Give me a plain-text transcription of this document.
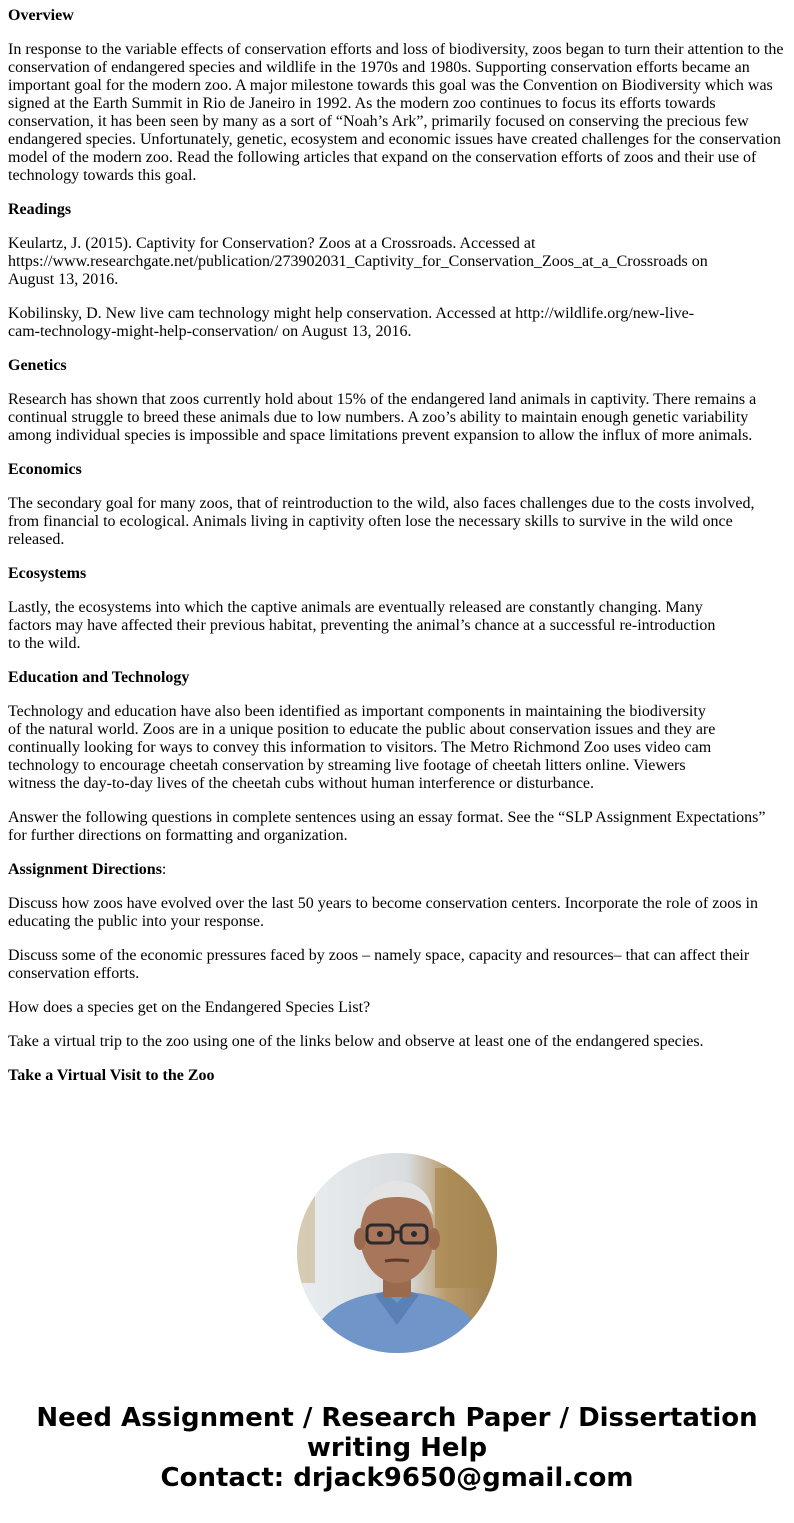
Overview

In response to the variable effects of conservation efforts and loss of biodiversity, zoos began to turn their attention to the conservation of endangered species and wildlife in the 1970s and 1980s. Supporting conservation efforts became an important goal for the modern zoo. A major milestone towards this goal was the Convention on Biodiversity which was signed at the Earth Summit in Rio de Janeiro in 1992. As the modern zoo continues to focus its efforts towards conservation, it has been seen by many as a sort of “Noah’s Ark”, primarily focused on conserving the precious few endangered species. Unfortunately, genetic, ecosystem and economic issues have created challenges for the conservation model of the modern zoo. Read the following articles that expand on the conservation efforts of zoos and their use of technology towards this goal.

Readings

Keulartz, J. (2015). Captivity for Conservation? Zoos at a Crossroads. Accessed at https://www.researchgate.net/publication/273902031_Captivity_for_Conservation_Zoos_at_a_Crossroads on August 13, 2016.

Kobilinsky, D. New live cam technology might help conservation. Accessed at http://wildlife.org/new-live-cam-technology-might-help-conservation/ on August 13, 2016.

Genetics

Research has shown that zoos currently hold about 15% of the endangered land animals in captivity. There remains a continual struggle to breed these animals due to low numbers. A zoo’s ability to maintain enough genetic variability among individual species is impossible and space limitations prevent expansion to allow the influx of more animals.

Economics

The secondary goal for many zoos, that of reintroduction to the wild, also faces challenges due to the costs involved, from financial to ecological. Animals living in captivity often lose the necessary skills to survive in the wild once released.

Ecosystems

Lastly, the ecosystems into which the captive animals are eventually released are constantly changing. Many factors may have affected their previous habitat, preventing the animal’s chance at a successful re-introduction to the wild.

Education and Technology

Technology and education have also been identified as important components in maintaining the biodiversity of the natural world. Zoos are in a unique position to educate the public about conservation issues and they are continually looking for ways to convey this information to visitors. The Metro Richmond Zoo uses video cam technology to encourage cheetah conservation by streaming live footage of cheetah litters online. Viewers witness the day-to-day lives of the cheetah cubs without human interference or disturbance.

Answer the following questions in complete sentences using an essay format. See the “SLP Assignment Expectations” for further directions on formatting and organization.

Assignment Directions:

Discuss how zoos have evolved over the last 50 years to become conservation centers. Incorporate the role of zoos in educating the public into your response.

Discuss some of the economic pressures faced by zoos – namely space, capacity and resources– that can affect their conservation efforts.

How does a species get on the Endangered Species List?

Take a virtual trip to the zoo using one of the links below and observe at least one of the endangered species.

Take a Virtual Visit to the Zoo
Need Assignment / Research Paper / Dissertation
writing Help
Contact: drjack9650@gmail.com
